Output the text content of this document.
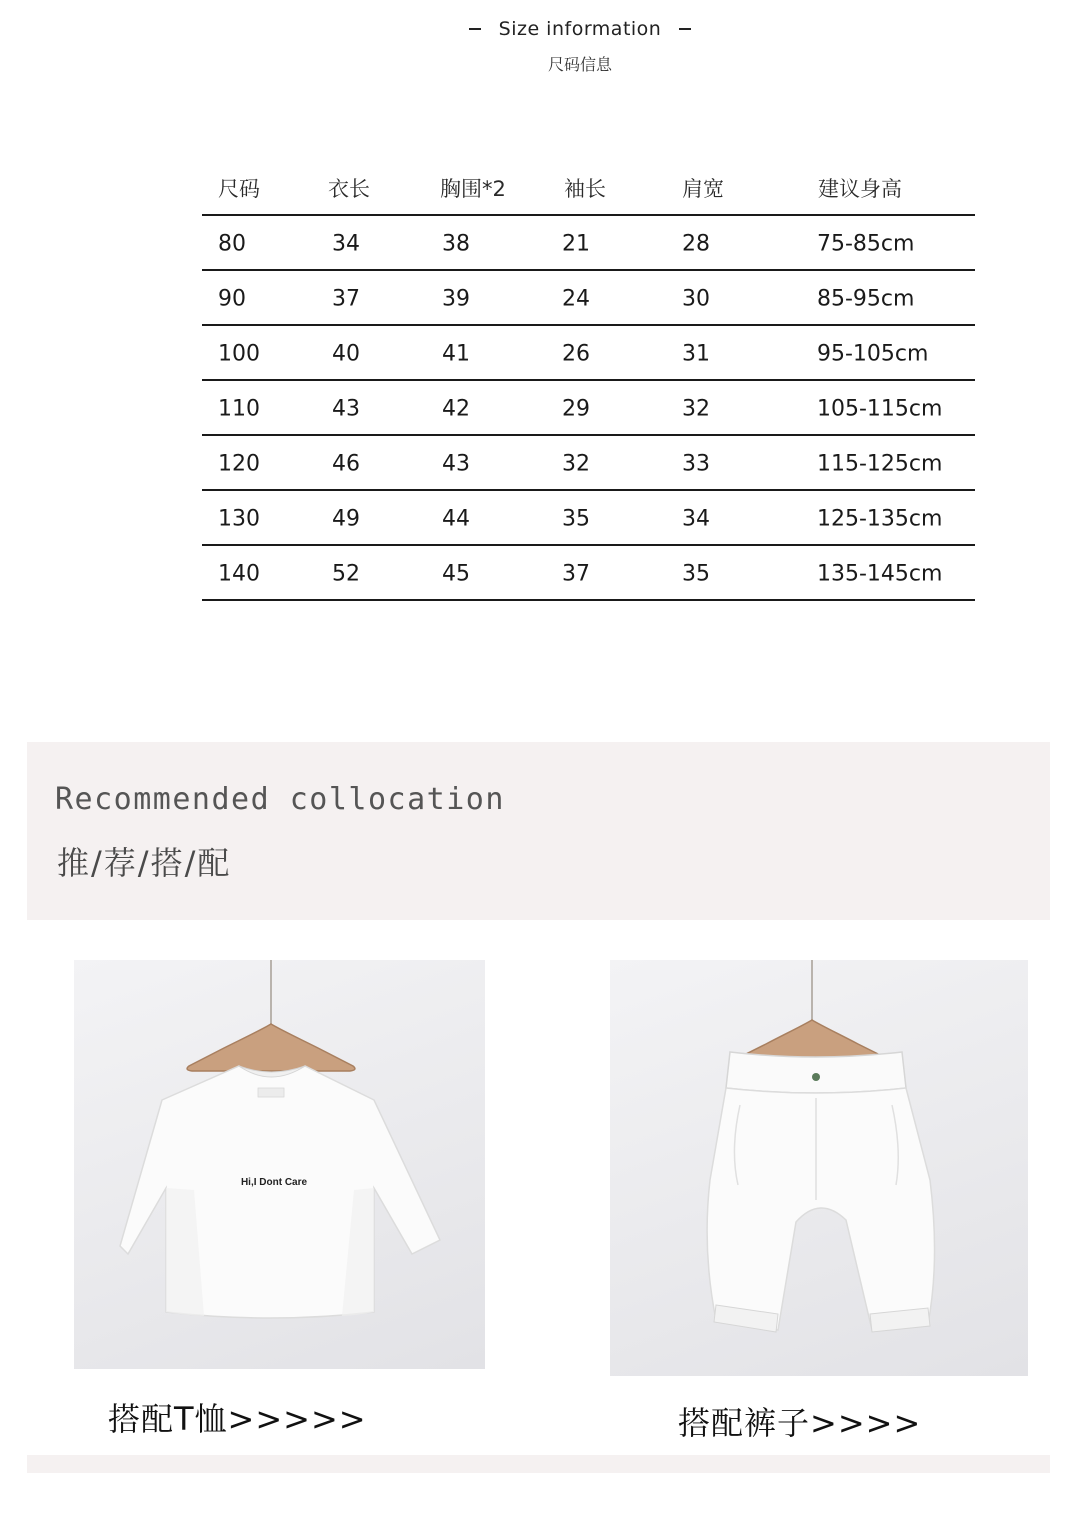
Size information
尺码信息
尺码	衣长	胸围*2	袖长	肩宽	建议身高
80	34	38	21	28	75-85cm
90	37	39	24	30	85-95cm
100	40	41	26	31	95-105cm
110	43	42	29	32	105-115cm
120	46	43	32	33	115-125cm
130	49	44	35	34	125-135cm
140	52	45	37	35	135-145cm
Recommended collocation
推/荐/搭/配
Hi,I Dont Care
搭配T恤>>>>>	搭配裤子>>>>
